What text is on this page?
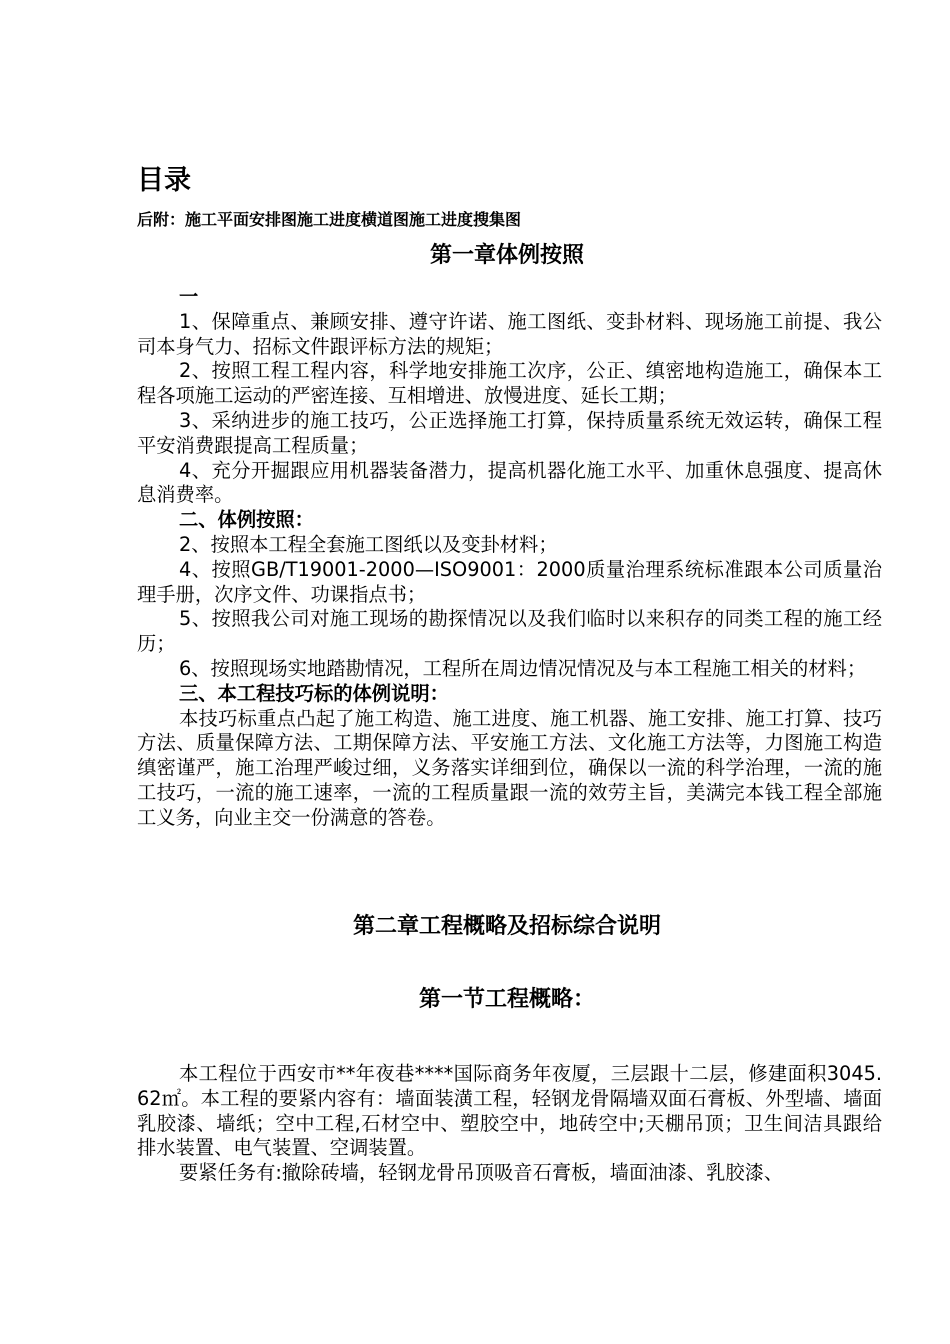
目录

后附：施工平面安排图施工进度横道图施工进度搜集图

第一章体例按照

一

1、保障重点、兼顾安排、遵守许诺、施工图纸、变卦材料、现场施工前提、我公司本身气力、招标文件跟评标方法的规矩；

2、按照工程工程内容，科学地安排施工次序，公正、缜密地构造施工，确保本工程各项施工运动的严密连接、互相增进、放慢进度、延长工期；

3、采纳进步的施工技巧，公正选择施工打算，保持质量系统无效运转，确保工程平安消费跟提高工程质量；

4、充分开掘跟应用机器装备潜力，提高机器化施工水平、加重休息强度、提高休息消费率。

二、体例按照：

2、按照本工程全套施工图纸以及变卦材料；

4、按照GB/T19001-2000—ISO9001：2000质量治理系统标准跟本公司质量治理手册，次序文件、功课指点书；

5、按照我公司对施工现场的勘探情况以及我们临时以来积存的同类工程的施工经历；

6、按照现场实地踏勘情况，工程所在周边情况情况及与本工程施工相关的材料；

三、本工程技巧标的体例说明：

本技巧标重点凸起了施工构造、施工进度、施工机器、施工安排、施工打算、技巧方法、质量保障方法、工期保障方法、平安施工方法、文化施工方法等，力图施工构造缜密谨严，施工治理严峻过细，义务落实详细到位，确保以一流的科学治理，一流的施工技巧，一流的施工速率，一流的工程质量跟一流的效劳主旨，美满完本钱工程全部施工义务，向业主交一份满意的答卷。

第二章工程概略及招标综合说明
第一节工程概略：

本工程位于西安市**年夜巷****国际商务年夜厦，三层跟十二层，修建面积3045.62㎡。本工程的要紧内容有：墙面装潢工程，轻钢龙骨隔墙双面石膏板、外型墙、墙面乳胶漆、墙纸；空中工程,石材空中、塑胶空中，地砖空中;天棚吊顶；卫生间洁具跟给排水装置、电气装置、空调装置。

要紧任务有:撤除砖墙，轻钢龙骨吊顶吸音石膏板，墙面油漆、乳胶漆、
